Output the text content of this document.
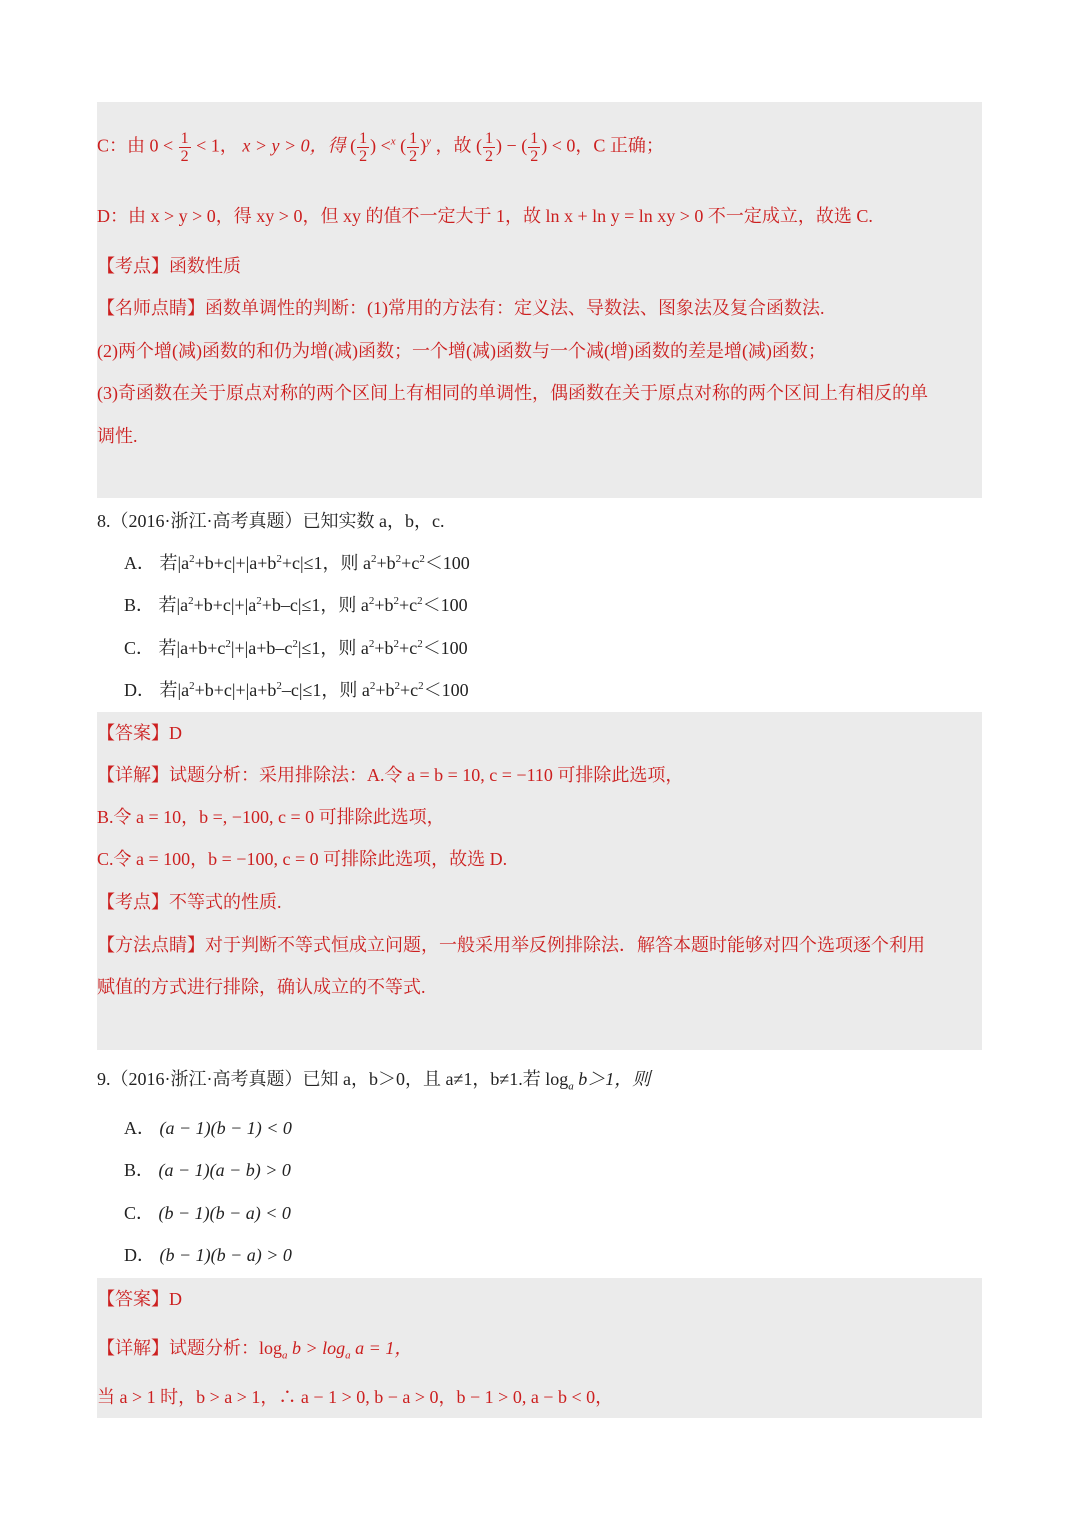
C：由 $0 < \frac{1}{2} < 1$， x > y > 0，得 ( $\frac{1}{2}$ ) <$^x$ ( $\frac{1}{2} )^y$ ，故 ( $\frac{1}{2}$ ) − ( $\frac{1}{2}$ ) < 0，C 正确；
D：由 x > y > 0，得 xy > 0，但 xy 的值不一定大于 1，故 ln x + ln y = ln xy > 0 不一定成立，故选 C.
【考点】函数性质
【名师点睛】函数单调性的判断：(1)常用的方法有：定义法、导数法、图象法及复合函数法.
(2)两个增(减)函数的和仍为增(减)函数；一个增(减)函数与一个减(增)函数的差是增(减)函数；
(3)奇函数在关于原点对称的两个区间上有相同的单调性，偶函数在关于原点对称的两个区间上有相反的单
调性.
8.（2016·浙江·高考真题）已知实数 a，b，c.
A． 若$|a^2+b+c|+|a+b^2+c|\le 1$，则 $a^2+b^2+c^2<100$
B． 若$|a^2+b+c|+|a^2+b-c|\le 1$，则 $a^2+b^2+c^2<100$
C． 若$|a+b+c^2|+|a+b-c^2|\le 1$，则 $a^2+b^2+c^2<100$
D． 若$|a^2+b+c|+|a+b^2-c|\le 1$，则 $a^2+b^2+c^2<100$
【答案】D
【详解】试题分析：采用排除法：A.令 a = b = 10, c = −110 可排除此选项，
B.令 a = 10，b =, −100, c = 0 可排除此选项，
C.令 a = 100，b = −100, c = 0 可排除此选项，故选 D.
【考点】不等式的性质.
【方法点睛】对于判断不等式恒成立问题，一般采用举反例排除法．解答本题时能够对四个选项逐个利用
赋值的方式进行排除，确认成立的不等式.
9.（2016·浙江·高考真题）已知 a，b＞0，且 a≠1，b≠1.若 $\log_a b>1$，则
A． (a − 1)(b − 1) < 0
B． (a − 1)(a − b) > 0
C． (b − 1)(b − a) < 0
D． (b − 1)(b − a) > 0
【答案】D
【详解】试题分析：$\log_a b > \log_a a = 1$，
当 a > 1 时，b > a > 1，∴ a − 1 > 0, b − a > 0，b − 1 > 0, a − b < 0，
